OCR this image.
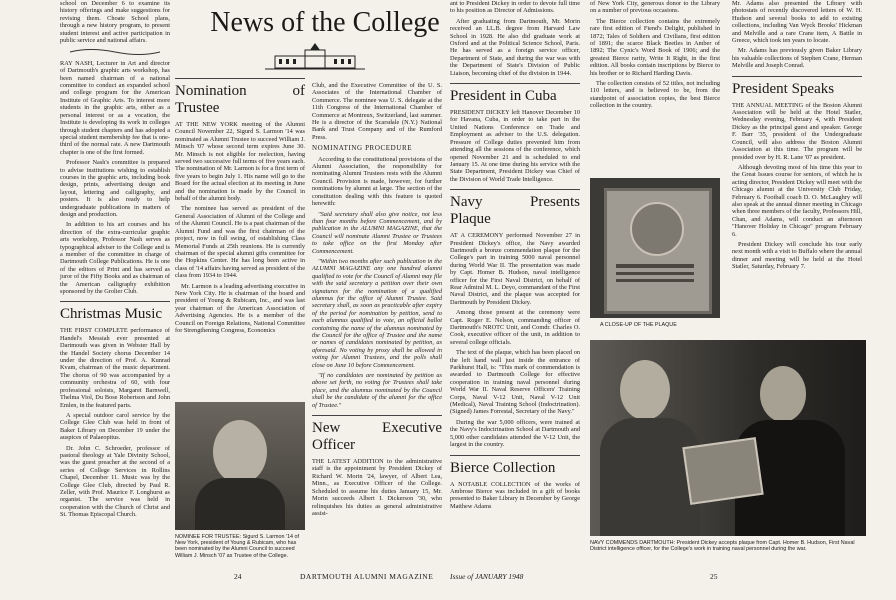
News of the College

school on December 6 to examine its history offerings and make suggestions for revising them. Choate School plans, through a new history program, to present student interest and active participation in public service and national affairs.

RAY NASH, Lecturer in Art and director of Dartmouth's graphic arts workshop, has been named chairman of a national committee to conduct an expanded school and college program for the American Institute of Graphic Arts. To interest more students in the graphic arts, either as a personal interest or as a vocation, the Institute is developing its work in colleges through student chapters and has adopted a special student membership fee that is one-third of the normal rate. A new Dartmouth chapter is one of the first formed.

Professor Nash's committee is prepared to advise institutions wishing to establish courses in the graphic arts, including book design, prints, advertising design and layout, lettering and calligraphy, and posters. It is also ready to help undergraduate publications in matters of design and production.

In addition to his art courses and his direction of the extra-curricular graphic arts workshop, Professor Nash serves as typographical adviser to the College and is a member of the committee in charge of Dartmouth College Publications. He is one of the editors of Print and has served as juror of the Fifty Books and as chairman of the American calligraphy exhibition sponsored by the Grolier Club.

Christmas Music

THE FIRST COMPLETE performance of Handel's Messiah ever presented at Dartmouth was given in Webster Hall by the Handel Society chorus December 14 under the direction of Prof. A. Kunrad Kvam, chairman of the music department. The chorus of 90 was accompanied by a community orchestra of 60, with four professional soloists, Margaret Barnwell, Thelma Viol, Du Bose Robertson and John Emlen, in the featured parts.

A special outdoor carol service by the College Glee Club was held in front of Baker Library on December 19 under the auspices of Palaeopitus.

Dr. John C. Schroeder, professor of pastoral theology at Yale Divinity School, was the guest preacher at the second of a series of College Services in Rollins Chapel, December 11. Music was by the College Glee Club, directed by Paul R. Zeller, with Prof. Maurice F. Longhurst as organist. The service was held in cooperation with the Church of Christ and St. Thomas Episcopal Church.

Nomination of Trustee

AT THE NEW YORK meeting of the Alumni Council November 22, Sigurd S. Larmon '14 was nominated as Alumni Trustee to succeed William J. Minsch '07 whose second term expires June 30. Mr. Minsch is not eligible for reelection, having served two successive full terms of five years each. The nomination of Mr. Larmon is for a first term of five years to begin July 1. His name will go to the Board for the actual election at its meeting in June and the nomination is made by the Council in behalf of the alumni body.

The nominee has served as president of the General Association of Alumni of the College and of the Alumni Council. He is a past chairman of the Alumni Fund and was the first chairman of the project, now in full swing, of establishing Class Memorial Funds at 25th reunions. He is currently chairman of the special alumni gifts committee for the Hopkins Center. He has long been active in class of '14 affairs having served as president of the class from 1934 to 1944.

Mr. Larmon is a leading advertising executive in New York City. He is chairman of the board and president of Young & Rubicam, Inc., and was last year chairman of the American Association of Advertising Agencies. He is a member of the Council on Foreign Relations, National Committee for Strengthening Congress, Economics

NOMINEE FOR TRUSTEE: Sigurd S. Larmon '14 of New York, president of Young & Rubicam, who has been nominated by the Alumni Council to succeed William J. Minsch '07 as Trustee of the College.
24

Club, and the Executive Committee of the U. S. Associates of the International Chamber of Commerce. The nominee was U. S. delegate at the 11th Congress of the International Chamber of Commerce at Montreux, Switzerland, last summer. He is a director of the Scarsdale (N.Y.) National Bank and Trust Company and of the Rumford Press.

NOMINATING PROCEDURE

According to the constitutional provisions of the Alumni Association, the responsibility for nominating Alumni Trustees rests with the Alumni Council. Provision is made, however, for further nominations by alumni at large. The section of the constitution dealing with this feature is quoted herewith:

"Said secretary shall also give notice, not less than four months before Commencement, and by publication in the ALUMNI MAGAZINE, that the Council will nominate Alumni Trustee or Trustees to take office on the first Monday after Commencement.

"Within two months after such publication in the ALUMNI MAGAZINE any one hundred alumni qualified to vote for the Council of Alumni may file with the said secretary a petition over their own signatures for the nomination of a qualified alumnus for the office of Alumni Trustee. Said secretary shall, as soon as practicable after expiry of the period for nomination by petition, send to each alumnus qualified to vote, an official ballot containing the name of the alumnus nominated by the Council for the office of Trustee and the name or names of candidates nominated by petition, as aforesaid. No voting by proxy shall be allowed in voting for Alumni Trustees, and the polls shall close on June 10 before Commencement.

"If no candidates are nominated by petition as above set forth, no voting for Trustees shall take place, and the alumnus nominated by the Council shall be the candidate of the alumni for the office of Trustee."

New Executive Officer

THE LATEST ADDITION to the administrative staff is the appointment by President Dickey of Richard W. Morin '24, lawyer, of Albert Lea, Minn., as Executive Officer of the College. Scheduled to assume his duties January 15, Mr. Morin succeeds Albert I. Dickerson '30, who relinquishes his duties as general administrative assist-

ant to President Dickey in order to devote full time to his position as Director of Admissions.

After graduating from Dartmouth, Mr. Morin received an LL.B. degree from Harvard Law School in 1928. He also did graduate work at Oxford and at the Political Science School, Paris. He has served as a foreign service officer, Department of State, and during the war was with the Department of State's Division of Public Liaison, becoming chief of the division in 1944.

President in Cuba

PRESIDENT DICKEY left Hanover December 10 for Havana, Cuba, in order to take part in the United Nations Conference on Trade and Employment as adviser to the U.S. delegation. Pressure of College duties prevented him from attending all the sessions of the conference, which opened November 21 and is scheduled to end January 15. At one time during his service with the State Department, President Dickey was Chief of the Division of World Trade Intelligence.

Navy Presents Plaque

AT A CEREMONY performed November 27 in President Dickey's office, the Navy awarded Dartmouth a bronze commendation plaque for the College's part in training 5000 naval personnel during World War II. The presentation was made by Capt. Homer B. Hudson, naval intelligence officer for the First Naval District, on behalf of Rear Admiral M. L. Deyo, commandant of the First Naval District, and the plaque was accepted for Dartmouth by President Dickey.

Among those present at the ceremony were Capt. Roger E. Nelson, commanding officer of Dartmouth's NROTC Unit, and Comdr. Charles O. Cook, executive officer of the unit, in addition to several college officials.

The text of the plaque, which has been placed on the left hand wall just inside the entrance of Parkhurst Hall, is: "This mark of commendation is awarded to Dartmouth College for effective cooperation in training naval personnel during World War II. Naval Reserve Officers' Training Corps, Naval V-12 Unit, Naval V-12 Unit (Medical), Naval Training School (Indoctrination). (Signed) James Forrestal, Secretary of the Navy."

During the war 5,000 officers, were trained at the Navy's Indoctrination School at Dartmouth and 5,000 other candidates attended the V-12 Unit, the largest in the country.

Bierce Collection

A NOTABLE COLLECTION of the works of Ambrose Bierce was included in a gift of books presented to Baker Library in December by George Matthew Adams

Issue of JANUARY 1948

of New York City, generous donor to the Library on a number of previous occasions.

The Bierce collection contains the extremely rare first edition of Fiend's Delight, published in 1872; Tales of Soldiers and Civilians, first edition of 1891; the scarce Black Beetles in Amber of 1892; The Cynic's Word Book of 1906; and the greatest Bierce rarity, Write It Right, in the first edition. All books contain inscriptions by Bierce to his brother or to Richard Harding Davis.

The collection consists of 52 titles, not including 110 letters, and is believed to be, from the standpoint of association copies, the best Bierce collection in the country.

A CLOSE-UP OF THE PLAQUE
DARTMOUTH ALUMNI MAGAZINE

Mr. Adams also presented the Library with photostats of recently discovered letters of W. H. Hudson and several books to add to existing collections, including Van Wyck Brooks' Hickman and Melville and a rare Crane item, A Battle in Greece, which took ten years to locate.

Mr. Adams has previously given Baker Library his valuable collections of Stephen Crane, Herman Melville and Joseph Conrad.

President Speaks

THE ANNUAL MEETING of the Boston Alumni Association will be held at the Hotel Statler, Wednesday evening, February 4, with President Dickey as the principal guest and speaker. George F. Barr '35, president of the Undergraduate Council, will also address the Boston Alumni Association at this time. The program will be presided over by H. R. Lane '07 as president.

Although devoting most of his time this year to the Great Issues course for seniors, of which he is acting director, President Dickey will meet with the Chicago alumni at the University Club Friday, February 6. Football coach D. O. McLaughry will also speak at the annual dinner meeting in Chicago when three members of the faculty, Professors Hill, Chan, and Adams, will conduct an afternoon "Hanover Holiday in Chicago" program February 6.

President Dickey will conclude his tour early next month with a visit to Buffalo where the annual dinner and meeting will be held at the Hotel Statler, Saturday, February 7.

NAVY COMMENDS DARTMOUTH: President Dickey accepts plaque from Capt. Homer B. Hudson, First Naval District intelligence officer, for the College's work in training naval personnel during the war.
25
